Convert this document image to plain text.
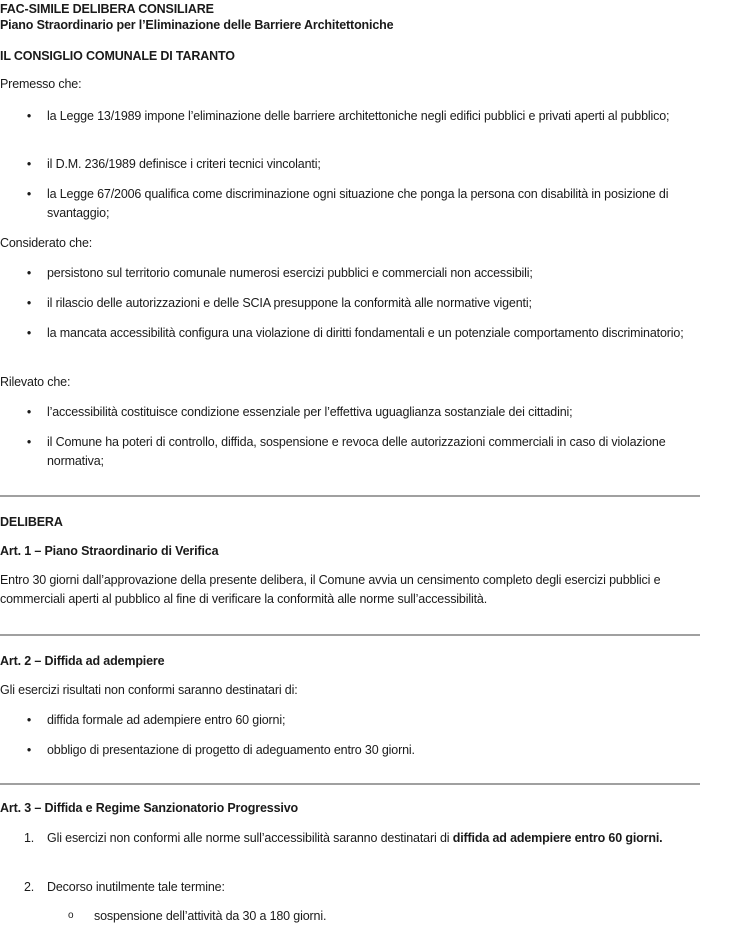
FAC-SIMILE DELIBERA CONSILIARE
Piano Straordinario per l’Eliminazione delle Barriere Architettoniche
IL CONSIGLIO COMUNALE DI TARANTO
Premesso che:
•	la Legge 13/1989 impone l’eliminazione delle barriere architettoniche negli edifici pubblici e privati aperti al pubblico;
•	il D.M. 236/1989 definisce i criteri tecnici vincolanti;
•	la Legge 67/2006 qualifica come discriminazione ogni situazione che ponga la persona con disabilità in posizione di svantaggio;
Considerato che:
•	persistono sul territorio comunale numerosi esercizi pubblici e commerciali non accessibili;
•	il rilascio delle autorizzazioni e delle SCIA presuppone la conformità alle normative vigenti;
•	la mancata accessibilità configura una violazione di diritti fondamentali e un potenziale comportamento discriminatorio;
Rilevato che:
•	l’accessibilità costituisce condizione essenziale per l’effettiva uguaglianza sostanziale dei cittadini;
•	il Comune ha poteri di controllo, diffida, sospensione e revoca delle autorizzazioni commerciali in caso di violazione normativa;
DELIBERA
Art. 1 – Piano Straordinario di Verifica
Entro 30 giorni dall’approvazione della presente delibera, il Comune avvia un censimento completo degli esercizi pubblici e commerciali aperti al pubblico al fine di verificare la conformità alle norme sull’accessibilità.
Art. 2 – Diffida ad adempiere
Gli esercizi risultati non conformi saranno destinatari di:
•	diffida formale ad adempiere entro 60 giorni;
•	obbligo di presentazione di progetto di adeguamento entro 30 giorni.
Art. 3 – Diffida e Regime Sanzionatorio Progressivo
1. Gli esercizi non conformi alle norme sull’accessibilità saranno destinatari di diffida ad adempiere entro 60 giorni.
2. Decorso inutilmente tale termine:
o sospensione dell’attività da 30 a 180 giorni.
